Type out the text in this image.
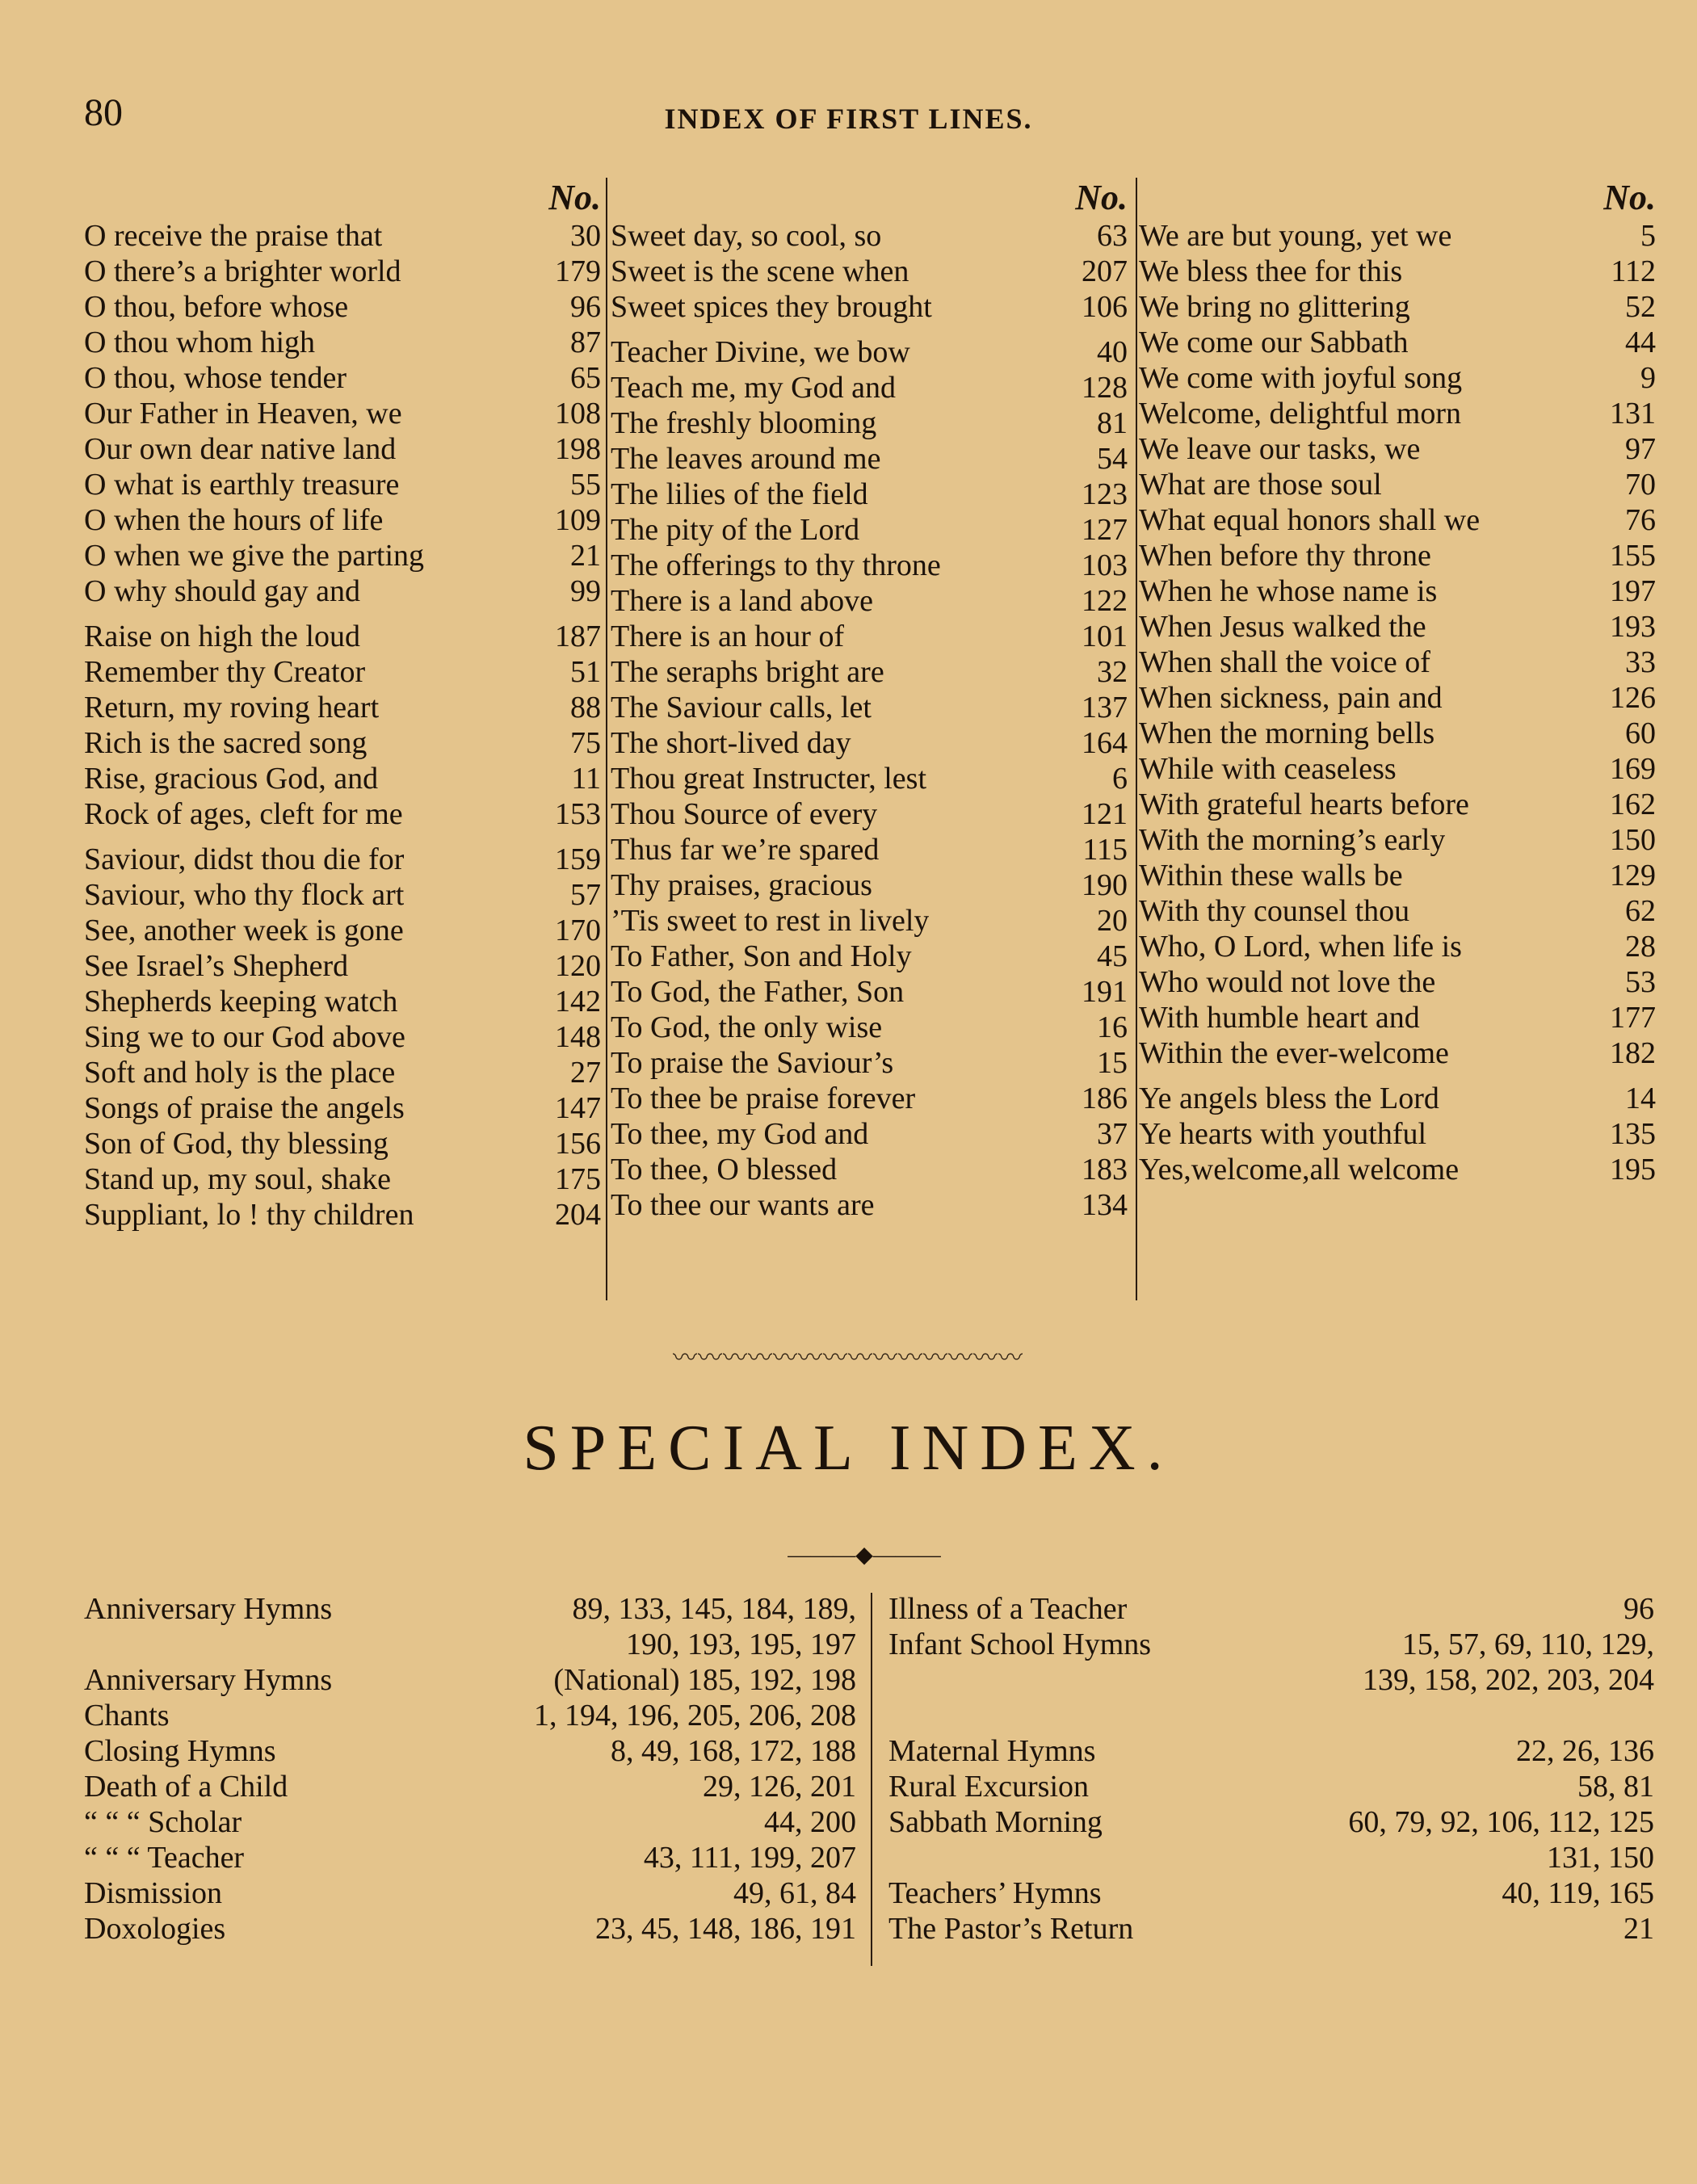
80	INDEX OF FIRST LINES.
No.
O receive the praise that	30
O there’s a brighter world	179
O thou, before whose	96
O thou whom high	87
O thou, whose tender	65
Our Father in Heaven, we	108
Our own dear native land	198
O what is earthly treasure	55
O when the hours of life	109
O when we give the parting	21
O why should gay and	99
Raise on high the loud	187
Remember thy Creator	51
Return, my roving heart	88
Rich is the sacred song	75
Rise, gracious God, and	11
Rock of ages, cleft for me	153
Saviour, didst thou die for	159
Saviour, who thy flock art	57
See, another week is gone	170
See Israel’s Shepherd	120
Shepherds keeping watch	142
Sing we to our God above	148
Soft and holy is the place	27
Songs of praise the angels	147
Son of God, thy blessing	156
Stand up, my soul, shake	175
Suppliant, lo ! thy children	204
No.
Sweet day, so cool, so	63
Sweet is the scene when	207
Sweet spices they brought	106
Teacher Divine, we bow	40
Teach me, my God and	128
The freshly blooming	81
The leaves around me	54
The lilies of the field	123
The pity of the Lord	127
The offerings to thy throne	103
There is a land above	122
There is an hour of	101
The seraphs bright are	32
The Saviour calls, let	137
The short-lived day	164
Thou great Instructer, lest	6
Thou Source of every	121
Thus far we’re spared	115
Thy praises, gracious	190
’Tis sweet to rest in lively	20
To Father, Son and Holy	45
To God, the Father, Son	191
To God, the only wise	16
To praise the Saviour’s	15
To thee be praise forever	186
To thee, my God and	37
To thee, O blessed	183
To thee our wants are	134
No.
We are but young, yet we	5
We bless thee for this	112
We bring no glittering	52
We come our Sabbath	44
We come with joyful song	9
Welcome, delightful morn	131
We leave our tasks, we	97
What are those soul	70
What equal honors shall we	76
When before thy throne	155
When he whose name is	197
When Jesus walked the	193
When shall the voice of	33
When sickness, pain and	126
When the morning bells	60
While with ceaseless	169
With grateful hearts before	162
With the morning’s early	150
Within these walls be	129
With thy counsel thou	62
Who, O Lord, when life is	28
Who would not love the	53
With humble heart and	177
Within the ever-welcome	182
Ye angels bless the Lord	14
Ye hearts with youthful	135
Yes,welcome,all welcome	195
〰〰〰〰〰〰〰〰〰〰〰〰〰〰
SPECIAL INDEX.
———◆———
Anniversary Hymns	89, 133, 145, 184, 189,
190, 193, 195, 197
Anniversary Hymns	(National) 185, 192, 198
Chants	1, 194, 196, 205, 206, 208
Closing Hymns	8, 49, 168, 172, 188
Death of a Child	29, 126, 201
“ “ “ Scholar	44, 200
“ “ “ Teacher	43, 111, 199, 207
Dismission	49, 61, 84
Doxologies	23, 45, 148, 186, 191
Illness of a Teacher	96
Infant School Hymns	15, 57, 69, 110, 129,
139, 158, 202, 203, 204
Maternal Hymns	22, 26, 136
Rural Excursion	58, 81
Sabbath Morning	60, 79, 92, 106, 112, 125
131, 150
Teachers’ Hymns	40, 119, 165
The Pastor’s Return	21
